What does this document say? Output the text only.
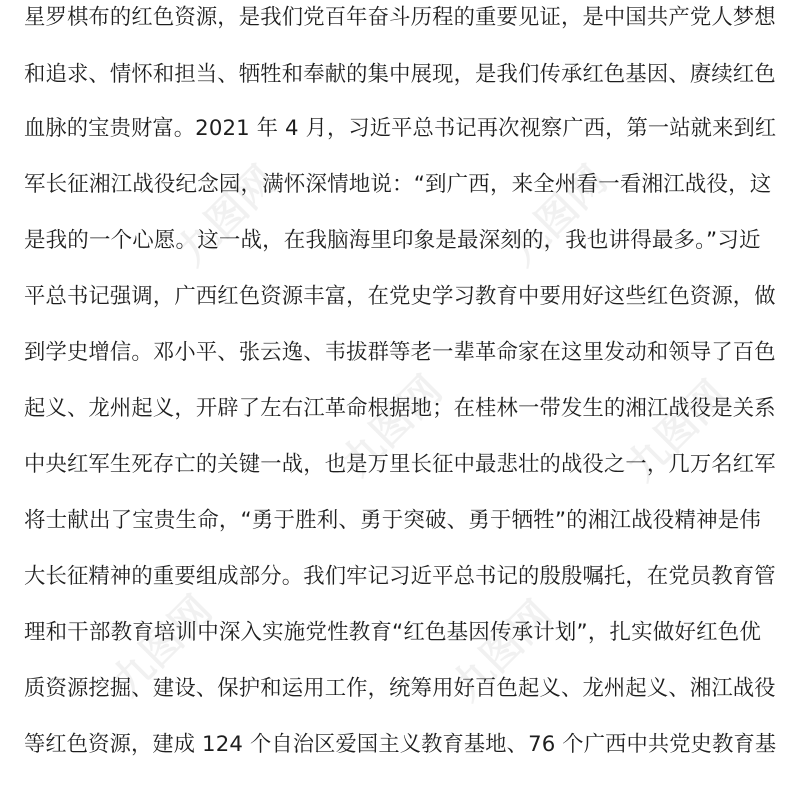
星罗棋布的红色资源，是我们党百年奋斗历程的重要见证，是中国共产党人梦想
和追求、情怀和担当、牺牲和奉献的集中展现，是我们传承红色基因、赓续红色
血脉的宝贵财富。2021 年 4 月，习近平总书记再次视察广西，第一站就来到红
军长征湘江战役纪念园，满怀深情地说：“到广西，来全州看一看湘江战役，这
是我的一个心愿。这一战，在我脑海里印象是最深刻的，我也讲得最多。”习近
平总书记强调，广西红色资源丰富，在党史学习教育中要用好这些红色资源，做
到学史增信。邓小平、张云逸、韦拔群等老一辈革命家在这里发动和领导了百色
起义、龙州起义，开辟了左右江革命根据地；在桂林一带发生的湘江战役是关系
中央红军生死存亡的关键一战，也是万里长征中最悲壮的战役之一，几万名红军
将士献出了宝贵生命，“勇于胜利、勇于突破、勇于牺牲”的湘江战役精神是伟
大长征精神的重要组成部分。我们牢记习近平总书记的殷殷嘱托，在党员教育管
理和干部教育培训中深入实施党性教育“红色基因传承计划”，扎实做好红色优
质资源挖掘、建设、保护和运用工作，统筹用好百色起义、龙州起义、湘江战役
等红色资源，建成 124 个自治区爱国主义教育基地、76 个广西中共党史教育基
九图网	九图网
九图网	九图网
九图网	九图网
